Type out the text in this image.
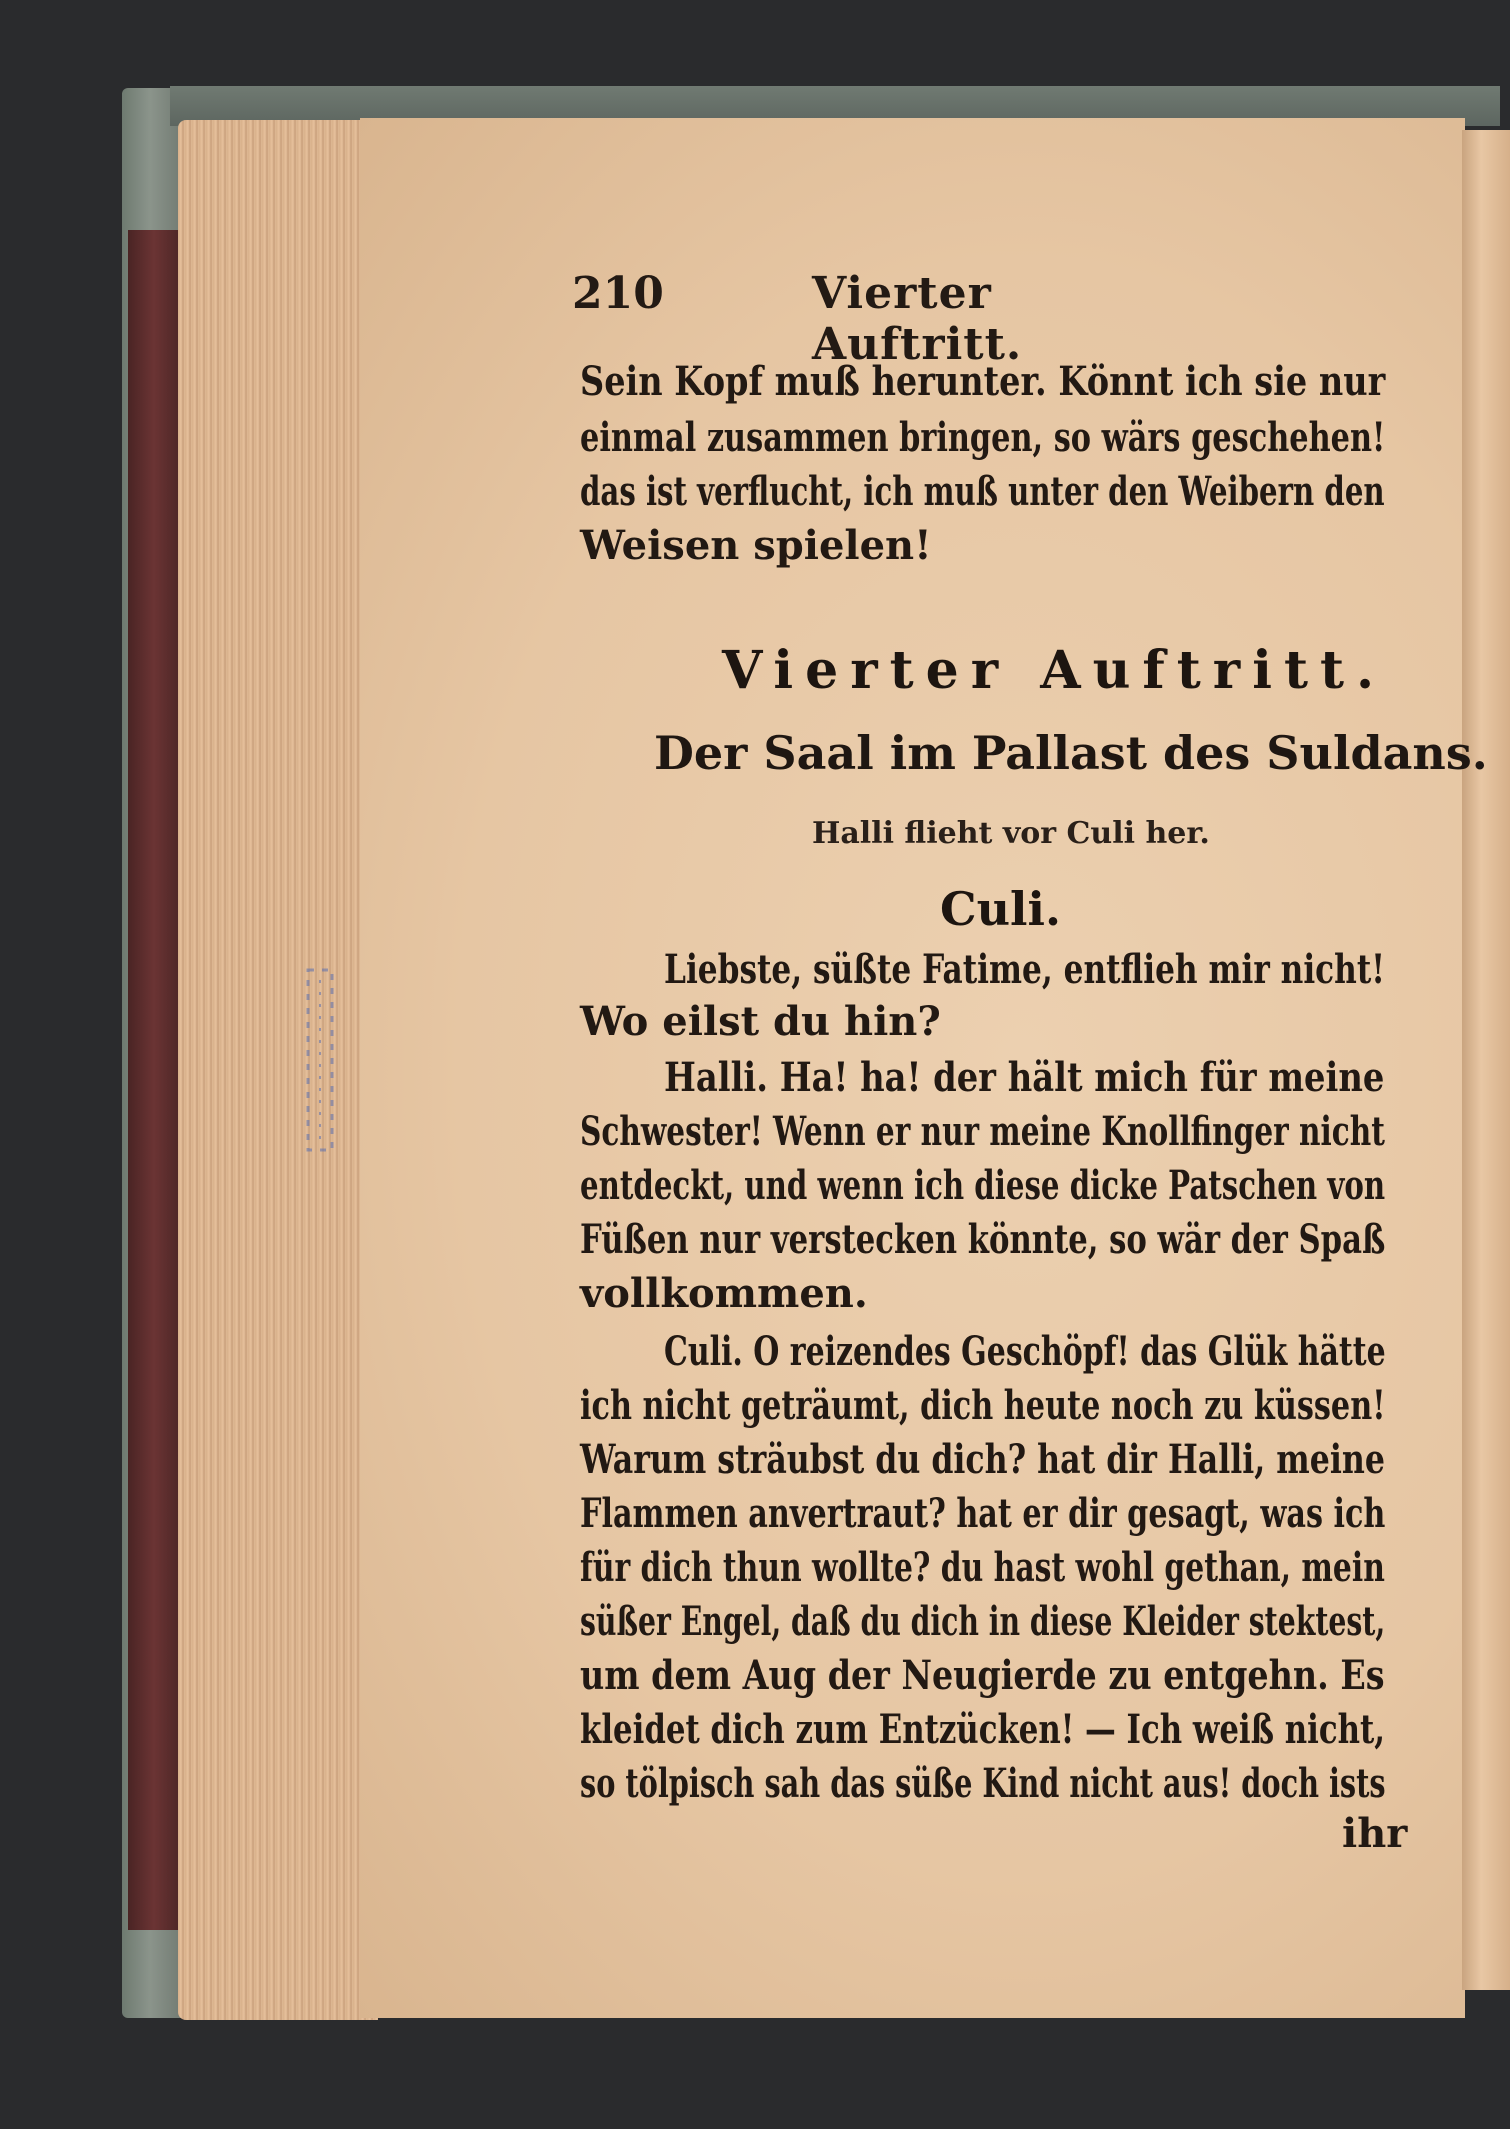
210	Vierter Auftritt.
Sein Kopf muß herunter. Könnt ich sie nur
einmal zusammen bringen, so wärs geschehen!
das ist verflucht, ich muß unter den Weibern den
Weisen spielen!
Vierter Auftritt.
Der Saal im Pallast des Suldans.
Halli flieht vor Culi her.
Culi.
Liebste, süßte Fatime, entflieh mir nicht!
Wo eilst du hin?
Halli. Ha! ha! der hält mich für meine
Schwester! Wenn er nur meine Knollfinger nicht
entdeckt, und wenn ich diese dicke Patschen von
Füßen nur verstecken könnte, so wär der Spaß
vollkommen.
Culi. O reizendes Geschöpf! das Glük hätte
ich nicht geträumt, dich heute noch zu küssen!
Warum sträubst du dich? hat dir Halli, meine
Flammen anvertraut? hat er dir gesagt, was ich
für dich thun wollte? du hast wohl gethan, mein
süßer Engel, daß du dich in diese Kleider stektest,
um dem Aug der Neugierde zu entgehn. Es
kleidet dich zum Entzücken! — Ich weiß nicht,
so tölpisch sah das süße Kind nicht aus! doch ists
ihr
